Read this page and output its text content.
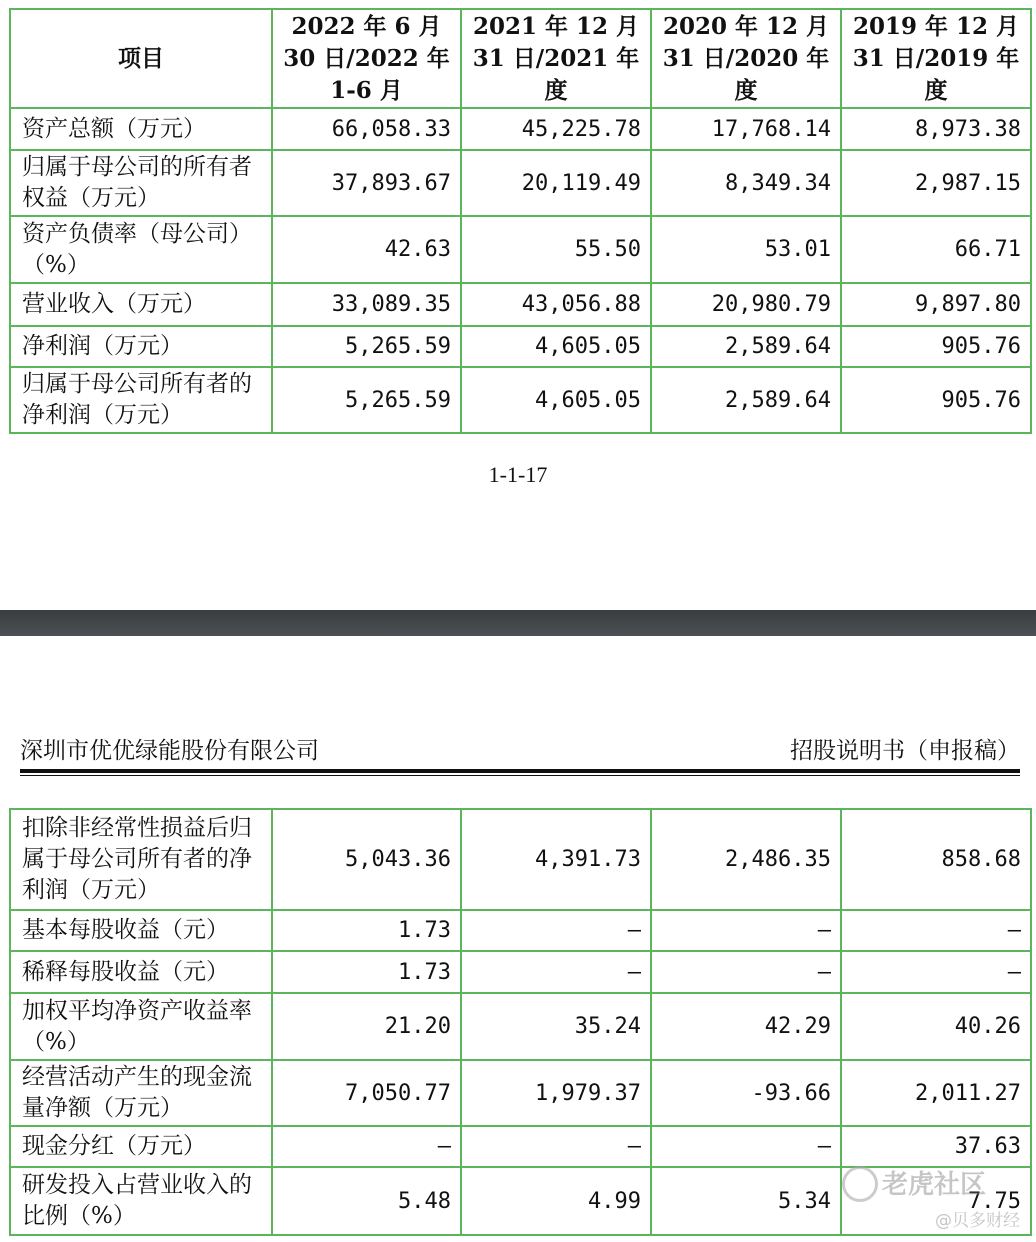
项目	2022 年 6 月 30 日/2022 年 1-6 月	2021 年 12 月 31 日/2021 年度	2020 年 12 月 31 日/2020 年度	2019 年 12 月 31 日/2019 年度
资产总额（万元）	66,058.33	45,225.78	17,768.14	8,973.38
归属于母公司的所有者权益（万元）	37,893.67	20,119.49	8,349.34	2,987.15
资产负债率（母公司）（%）	42.63	55.50	53.01	66.71
营业收入（万元）	33,089.35	43,056.88	20,980.79	9,897.80
净利润（万元）	5,265.59	4,605.05	2,589.64	905.76
归属于母公司所有者的净利润（万元）	5,265.59	4,605.05	2,589.64	905.76
1-1-17
深圳市优优绿能股份有限公司	招股说明书（申报稿）
扣除非经常性损益后归属于母公司所有者的净利润（万元）	5,043.36	4,391.73	2,486.35	858.68
基本每股收益（元）	1.73	–	–	–
稀释每股收益（元）	1.73	–	–	–
加权平均净资产收益率（%）	21.20	35.24	42.29	40.26
经营活动产生的现金流量净额（万元）	7,050.77	1,979.37	-93.66	2,011.27
现金分红（万元）	–	–	–	37.63
研发投入占营业收入的比例（%）	5.48	4.99	5.34	7.75
老虎社区
@贝多财经
